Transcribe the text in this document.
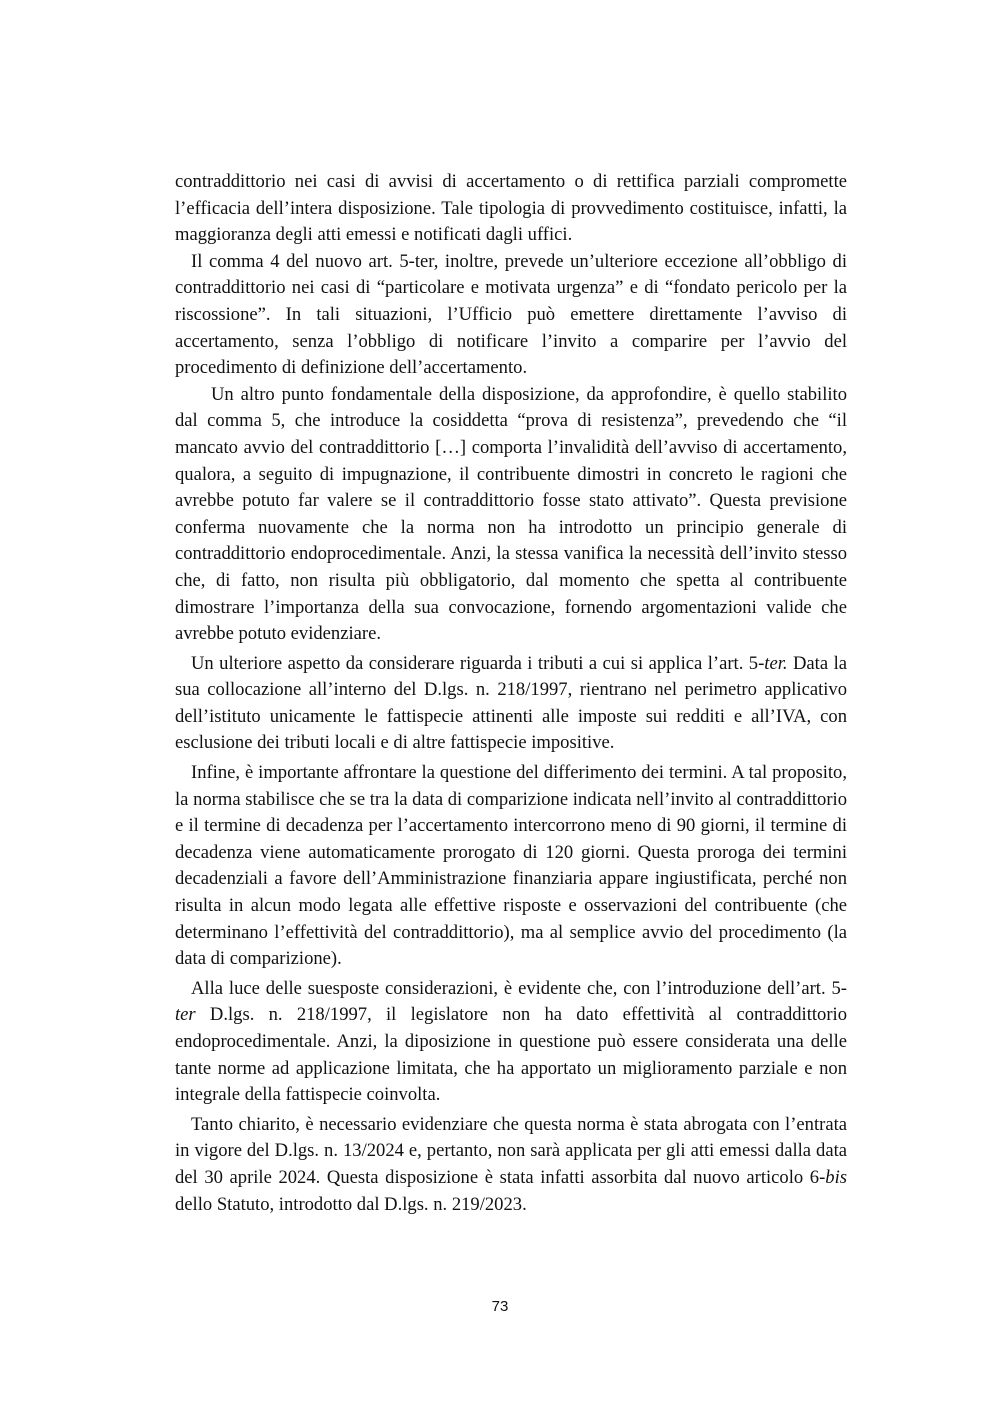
contraddittorio nei casi di avvisi di accertamento o di rettifica parziali compromette l’efficacia dell’intera disposizione. Tale tipologia di provvedimento costituisce, infatti, la maggioranza degli atti emessi e notificati dagli uffici.

Il comma 4 del nuovo art. 5-ter, inoltre, prevede un’ulteriore eccezione all’obbligo di contraddittorio nei casi di “particolare e motivata urgenza” e di “fondato pericolo per la riscossione”. In tali situazioni, l’Ufficio può emettere direttamente l’avviso di accertamento, senza l’obbligo di notificare l’invito a comparire per l’avvio del procedimento di definizione dell’accertamento.

Un altro punto fondamentale della disposizione, da approfondire, è quello stabilito dal comma 5, che introduce la cosiddetta “prova di resistenza”, prevedendo che “il mancato avvio del contraddittorio […] comporta l’invalidità dell’avviso di accertamento, qualora, a seguito di impugnazione, il contribuente dimostri in concreto le ragioni che avrebbe potuto far valere se il contraddittorio fosse stato attivato”. Questa previsione conferma nuovamente che la norma non ha introdotto un principio generale di contraddittorio endoprocedimentale. Anzi, la stessa vanifica la necessità dell’invito stesso che, di fatto, non risulta più obbligatorio, dal momento che spetta al contribuente dimostrare l’importanza della sua convocazione, fornendo argomentazioni valide che avrebbe potuto evidenziare.

Un ulteriore aspetto da considerare riguarda i tributi a cui si applica l’art. 5-ter. Data la sua collocazione all’interno del D.lgs. n. 218/1997, rientrano nel perimetro applicativo dell’istituto unicamente le fattispecie attinenti alle imposte sui redditi e all’IVA, con esclusione dei tributi locali e di altre fattispecie impositive.

Infine, è importante affrontare la questione del differimento dei termini. A tal proposito, la norma stabilisce che se tra la data di comparizione indicata nell’invito al contraddittorio e il termine di decadenza per l’accertamento intercorrono meno di 90 giorni, il termine di decadenza viene automaticamente prorogato di 120 giorni. Questa proroga dei termini decadenziali a favore dell’Amministrazione finanziaria appare ingiustificata, perché non risulta in alcun modo legata alle effettive risposte e osservazioni del contribuente (che determinano l’effettività del contraddittorio), ma al semplice avvio del procedimento (la data di comparizione).

Alla luce delle suesposte considerazioni, è evidente che, con l’introduzione dell’art. 5-ter D.lgs. n. 218/1997, il legislatore non ha dato effettività al contraddittorio endoprocedimentale. Anzi, la diposizione in questione può essere considerata una delle tante norme ad applicazione limitata, che ha apportato un miglioramento parziale e non integrale della fattispecie coinvolta.

Tanto chiarito, è necessario evidenziare che questa norma è stata abrogata con l’entrata in vigore del D.lgs. n. 13/2024 e, pertanto, non sarà applicata per gli atti emessi dalla data del 30 aprile 2024. Questa disposizione è stata infatti assorbita dal nuovo articolo 6-bis dello Statuto, introdotto dal D.lgs. n. 219/2023.

73
